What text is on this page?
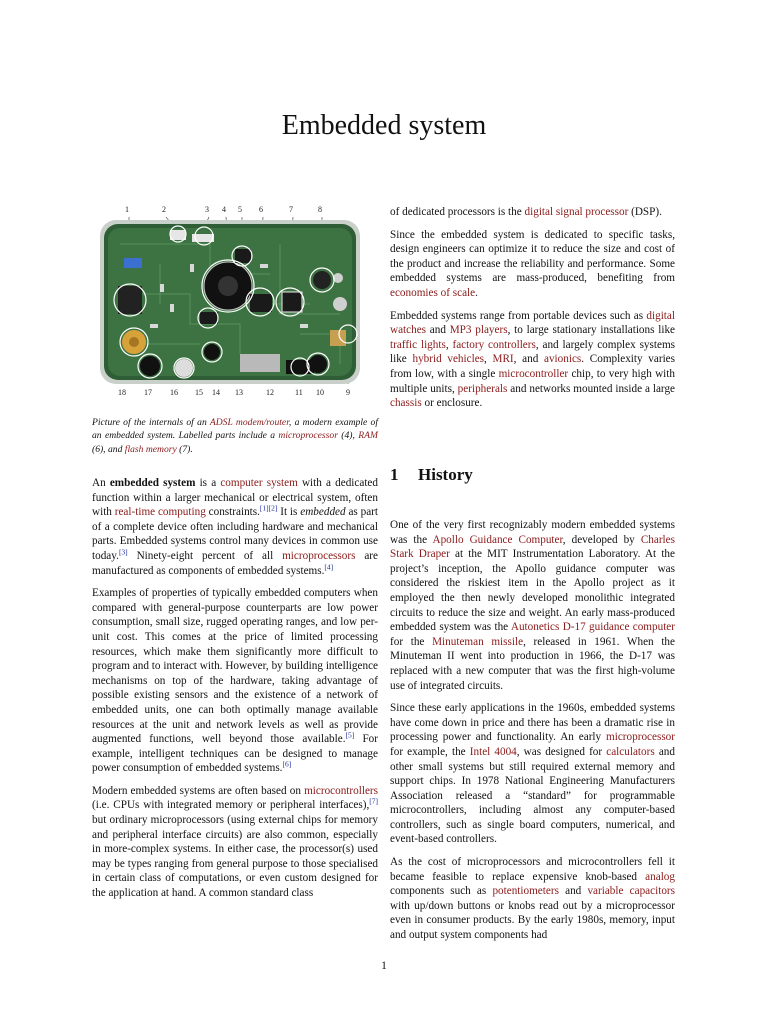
Embedded system
1	2	3 4 5 6	7	8
18 17 16 15 14 13	12	11 10	9
Picture of the internals of an ADSL modem/router, a modern example of an embedded system. Labelled parts include a microprocessor (4), RAM (6), and flash memory (7).

An embedded system is a computer system with a dedicated function within a larger mechanical or electrical system, often with real-time computing constraints.[1][2] It is embedded as part of a complete device often including hardware and mechanical parts. Embedded systems control many devices in common use today.[3] Ninety-eight percent of all microprocessors are manufactured as components of embedded systems.[4]

Examples of properties of typically embedded computers when compared with general-purpose counterparts are low power consumption, small size, rugged operating ranges, and low per-unit cost. This comes at the price of limited processing resources, which make them significantly more difficult to program and to interact with. However, by building intelligence mechanisms on top of the hardware, taking advantage of possible existing sensors and the existence of a network of embedded units, one can both optimally manage available resources at the unit and network levels as well as provide augmented functions, well beyond those available.[5] For example, intelligent techniques can be designed to manage power consumption of embedded systems.[6]

Modern embedded systems are often based on microcontrollers (i.e. CPUs with integrated memory or peripheral interfaces),[7] but ordinary microprocessors (using external chips for memory and peripheral interface circuits) are also common, especially in more-complex systems. In either case, the processor(s) used may be types ranging from general purpose to those specialised in certain class of computations, or even custom designed for the application at hand. A common standard class

of dedicated processors is the digital signal processor (DSP).

Since the embedded system is dedicated to specific tasks, design engineers can optimize it to reduce the size and cost of the product and increase the reliability and performance. Some embedded systems are mass-produced, benefiting from economies of scale.

Embedded systems range from portable devices such as digital watches and MP3 players, to large stationary installations like traffic lights, factory controllers, and largely complex systems like hybrid vehicles, MRI, and avionics. Complexity varies from low, with a single microcontroller chip, to very high with multiple units, peripherals and networks mounted inside a large chassis or enclosure.

1 History

One of the very first recognizably modern embedded systems was the Apollo Guidance Computer, developed by Charles Stark Draper at the MIT Instrumentation Laboratory. At the project’s inception, the Apollo guidance computer was considered the riskiest item in the Apollo project as it employed the then newly developed monolithic integrated circuits to reduce the size and weight. An early mass-produced embedded system was the Autonetics D-17 guidance computer for the Minuteman missile, released in 1961. When the Minuteman II went into production in 1966, the D-17 was replaced with a new computer that was the first high-volume use of integrated circuits.

Since these early applications in the 1960s, embedded systems have come down in price and there has been a dramatic rise in processing power and functionality. An early microprocessor for example, the Intel 4004, was designed for calculators and other small systems but still required external memory and support chips. In 1978 National Engineering Manufacturers Association released a “standard” for programmable microcontrollers, including almost any computer-based controllers, such as single board computers, numerical, and event-based controllers.

As the cost of microprocessors and microcontrollers fell it became feasible to replace expensive knob-based analog components such as potentiometers and variable capacitors with up/down buttons or knobs read out by a microprocessor even in consumer products. By the early 1980s, memory, input and output system components had

1
